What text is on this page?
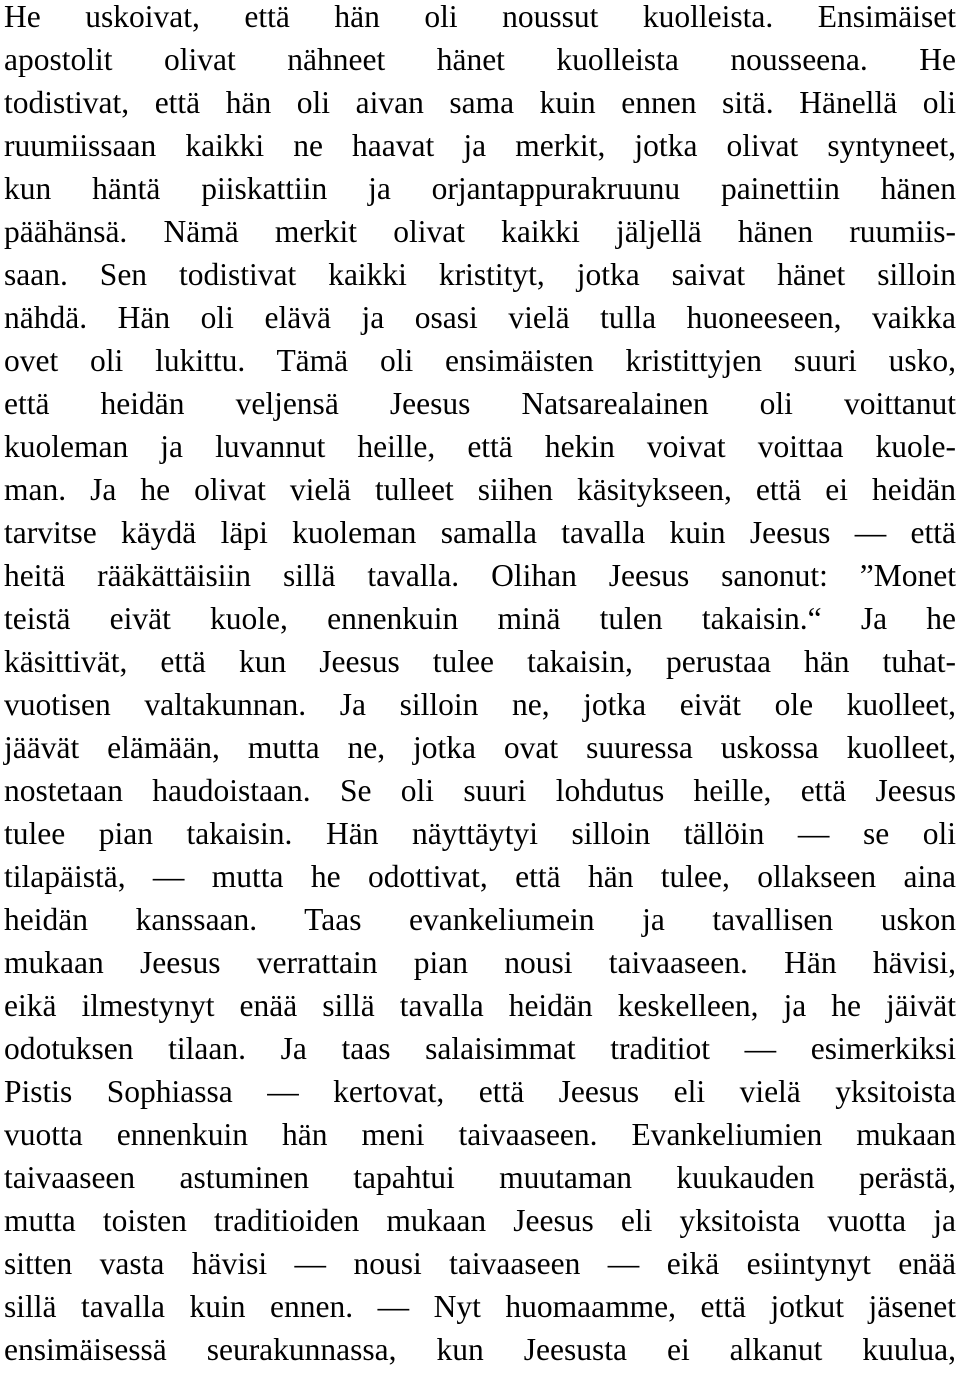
He uskoivat, että hän oli noussut kuolleista. Ensimäiset
apostolit olivat nähneet hänet kuolleista nousseena. He
todistivat, että hän oli aivan sama kuin ennen sitä. Hänellä oli
ruumiissaan kaikki ne haavat ja merkit, jotka olivat syntyneet,
kun häntä piiskattiin ja orjantappurakruunu painettiin hänen
päähänsä. Nämä merkit olivat kaikki jäljellä hänen ruumiis-
saan. Sen todistivat kaikki kristityt, jotka saivat hänet silloin
nähdä. Hän oli elävä ja osasi vielä tulla huoneeseen, vaikka
ovet oli lukittu. Tämä oli ensimäisten kristittyjen suuri usko,
että heidän veljensä Jeesus Natsarealainen oli voittanut
kuoleman ja luvannut heille, että hekin voivat voittaa kuole-
man. Ja he olivat vielä tulleet siihen käsitykseen, että ei heidän
tarvitse käydä läpi kuoleman samalla tavalla kuin Jeesus — että
heitä rääkättäisiin sillä tavalla. Olihan Jeesus sanonut: ”Monet
teistä eivät kuole, ennenkuin minä tulen takaisin.“ Ja he
käsittivät, että kun Jeesus tulee takaisin, perustaa hän tuhat-
vuotisen valtakunnan. Ja silloin ne, jotka eivät ole kuolleet,
jäävät elämään, mutta ne, jotka ovat suuressa uskossa kuolleet,
nostetaan haudoistaan. Se oli suuri lohdutus heille, että Jeesus
tulee pian takaisin. Hän näyttäytyi silloin tällöin — se oli
tilapäistä, — mutta he odottivat, että hän tulee, ollakseen aina
heidän kanssaan. Taas evankeliumein ja tavallisen uskon
mukaan Jeesus verrattain pian nousi taivaaseen. Hän hävisi,
eikä ilmestynyt enää sillä tavalla heidän keskelleen, ja he jäivät
odotuksen tilaan. Ja taas salaisimmat traditiot — esimerkiksi
Pistis Sophiassa — kertovat, että Jeesus eli vielä yksitoista
vuotta ennenkuin hän meni taivaaseen. Evankeliumien mukaan
taivaaseen astuminen tapahtui muutaman kuukauden perästä,
mutta toisten traditioiden mukaan Jeesus eli yksitoista vuotta ja
sitten vasta hävisi — nousi taivaaseen — eikä esiintynyt enää
sillä tavalla kuin ennen. — Nyt huomaamme, että jotkut jäsenet
ensimäisessä seurakunnassa, kun Jeesusta ei alkanut kuulua,
